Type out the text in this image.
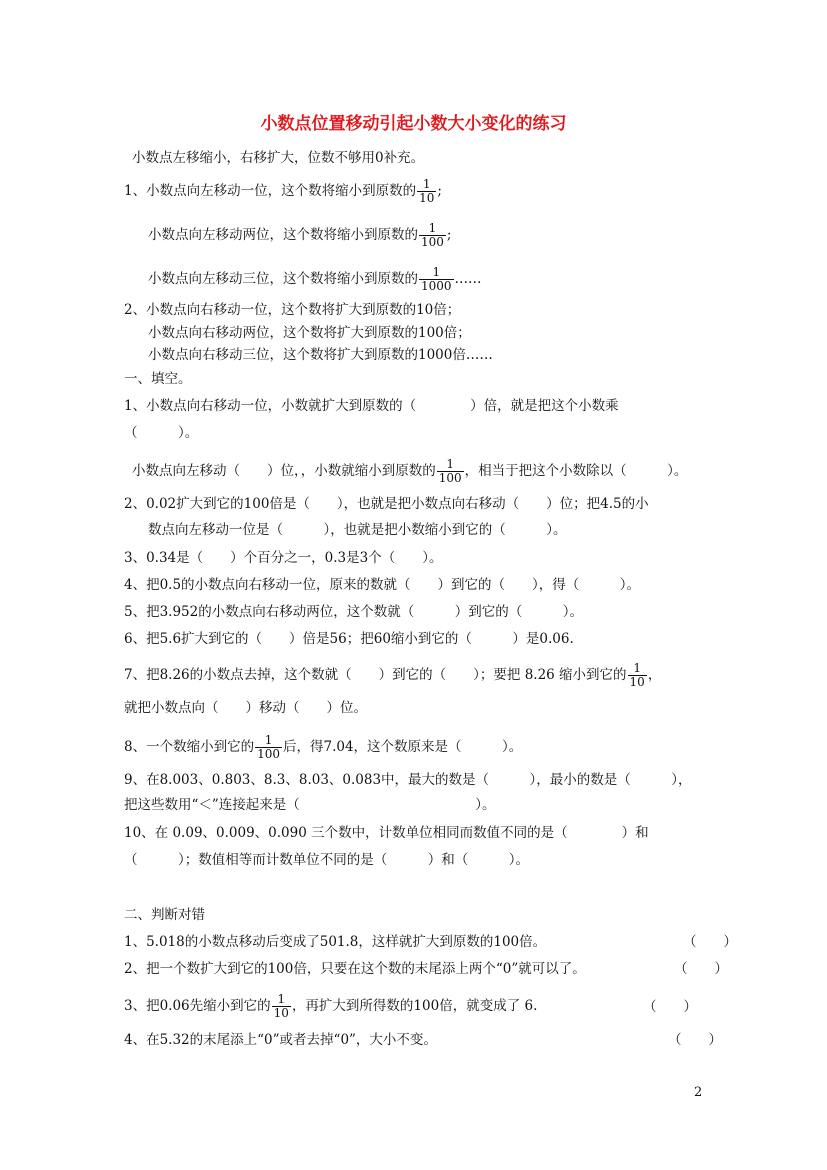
小数点位置移动引起小数大小变化的练习
小数点左移缩小，右移扩大，位数不够用0补充。
1、小数点向左移动一位，这个数将缩小到原数的 $\frac{1}{10}$ ;
小数点向左移动两位，这个数将缩小到原数的 $\frac{1}{100}$ ;
小数点向左移动三位，这个数将缩小到原数的 $\frac{1}{1000}$ ……
2、小数点向右移动一位，这个数将扩大到原数的10倍；
小数点向右移动两位，这个数将扩大到原数的100倍；
小数点向右移动三位，这个数将扩大到原数的1000倍……
一、填空。
1、小数点向右移动一位，小数就扩大到原数的（　　　　）倍，就是把这个小数乘
（　　　）。
小数点向左移动（　　）位，，小数就缩小到原数的 $\frac{1}{100}$ ，相当于把这个小数除以（　　　）。
2、0.02扩大到它的100倍是（　　），也就是把小数点向右移动（　　）位；把4.5的小
数点向左移动一位是（　　　），也就是把小数缩小到它的（　　　）。
3、0.34是（　　）个百分之一，0.3是3个（　　）。
4、把0.5的小数点向右移动一位，原来的数就（　　）到它的（　　），得（　　　）。
5、把3.952的小数点向右移动两位，这个数就（　　　）到它的（　　　）。
6、把5.6扩大到它的（　　）倍是56；把60缩小到它的（　　　）是0.06.
7、把8.26的小数点去掉，这个数就（　　）到它的（　　）；要把 8.26 缩小到它的 $\frac{1}{10}$ ，
就把小数点向（　　）移动（　　）位。
8、一个数缩小到它的 $\frac{1}{100}$ 后，得7.04，这个数原来是（　　　）。
9、在8.003、0.803、8.3、8.03、0.083中，最大的数是（　　　），最小的数是（　　　），
把这些数用“＜”连接起来是（　　　　　　　　　　　　　）。
10、在 0.09、0.009、0.090 三个数中，计数单位相同而数值不同的是（　　　　）和
（　　　）；数值相等而计数单位不同的是（　　　）和（　　　）。
二、判断对错
1、5.018的小数点移动后变成了501.8，这样就扩大到原数的100倍。	（　　）
2、把一个数扩大到它的100倍，只要在这个数的末尾添上两个“0”就可以了。	（　　）
3、把0.06先缩小到它的 $\frac{1}{10}$ ，再扩大到所得数的100倍，就变成了 6.	（　　）
4、在5.32的末尾添上“0”或者去掉“0”，大小不变。	（　　）
2
